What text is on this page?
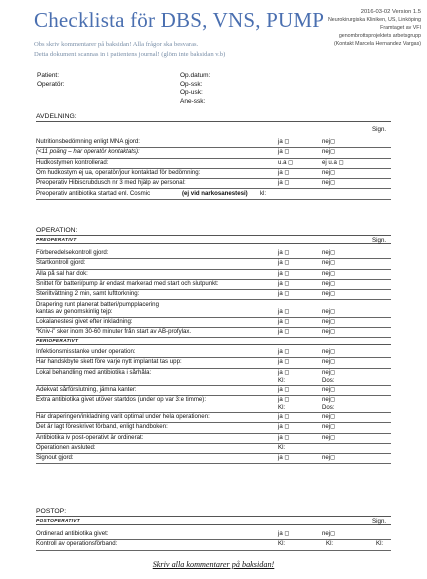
Checklista för DBS, VNS, PUMP	2016-03-02 Version 1.5
Neurokirurgiska Kliniken, US, Linköping
Framtaget av VFI
genombrottsprojektets arbetsgrupp
(Kontakt Marcela Hernandez Vargas)
Obs skriv kommentarer på baksidan! Alla frågor ska besvaras.
Detta dokument scannas in i patientens journal! (glöm inte baksidan v.b)
Patient:
Operatör:
Op.datum:
Op-ssk:
Op-usk:
Ane-ssk:
AVDELNING:
Sign.
Nutritionsbedömning enligt MNA gjord:	ja ◻	nej◻
(<11 poäng – har operatör kontaktats):	ja ◻	nej◻
Hudkostymen kontrollerad:	u.a ◻	ej u.a ◻
Om hudkostym ej ua, operatör/jour kontaktad för bedömning:	ja ◻	nej◻
Preoperativ Hibiscrubdusch nr 3 med hjälp av personal:	ja ◻	nej◻
Preoperativ antibiotika startad enl. Cosmic	(ej vid narkosanestesi) kl:
OPERATION:
PREOPERATIVT	Sign.
Förberedelsekontroll gjord:	ja ◻	nej◻
Startkontroll gjord:	ja ◻	nej◻
Alla på sal har dok:	ja ◻	nej◻
Snittet för batteri/pump är endast markerad med start och slutpunkt:	ja ◻	nej◻
Steriltvättning 2 min, samt lufttorkning:	ja ◻	nej◻
Drapering runt planerat batteri/pumpplacering
kantas av genomskinlig tejp:	ja ◻	nej◻
Lokalanestesi givet efter inkladning:	ja ◻	nej◻
“Kniv-i” sker inom 30-60 minuter från start av AB-profylax.	ja ◻	nej◻
PERIOPERATIVT
Infektionsmisstanke under operation:	ja ◻	nej◻
Har handskbyte skett före varje nytt implantat tas upp:	ja ◻	nej◻
Lokal behandling med antibiotika i sårhåla:	ja ◻	nej◻
Kl:	Dos:
Adekvat sårförslutning, jämna kanter:	ja ◻	nej◻
Extra antibiotika givet utöver startdos (under op var 3:e timme):	ja ◻	nej◻
Kl:	Dos:
Har draperingen/inkladning varit optimal under hela operationen:	ja ◻	nej◻
Det är lagt föreskrivet förband, enligt handboken:	ja ◻	nej◻
Antibiotika iv post-operativt är ordinerat:	ja ◻	nej◻
Operationen avsluted:	Kl:
Signout gjord:	ja ◻	nej◻
POSTOP:
POSTOPERATIVT	Sign.
Ordinerad antibiotika givet:	ja ◻	nej◻
Kontroll av operationsförband:	Kl:	Kl:	Kl:
Skriv alla kommentarer på baksidan!
